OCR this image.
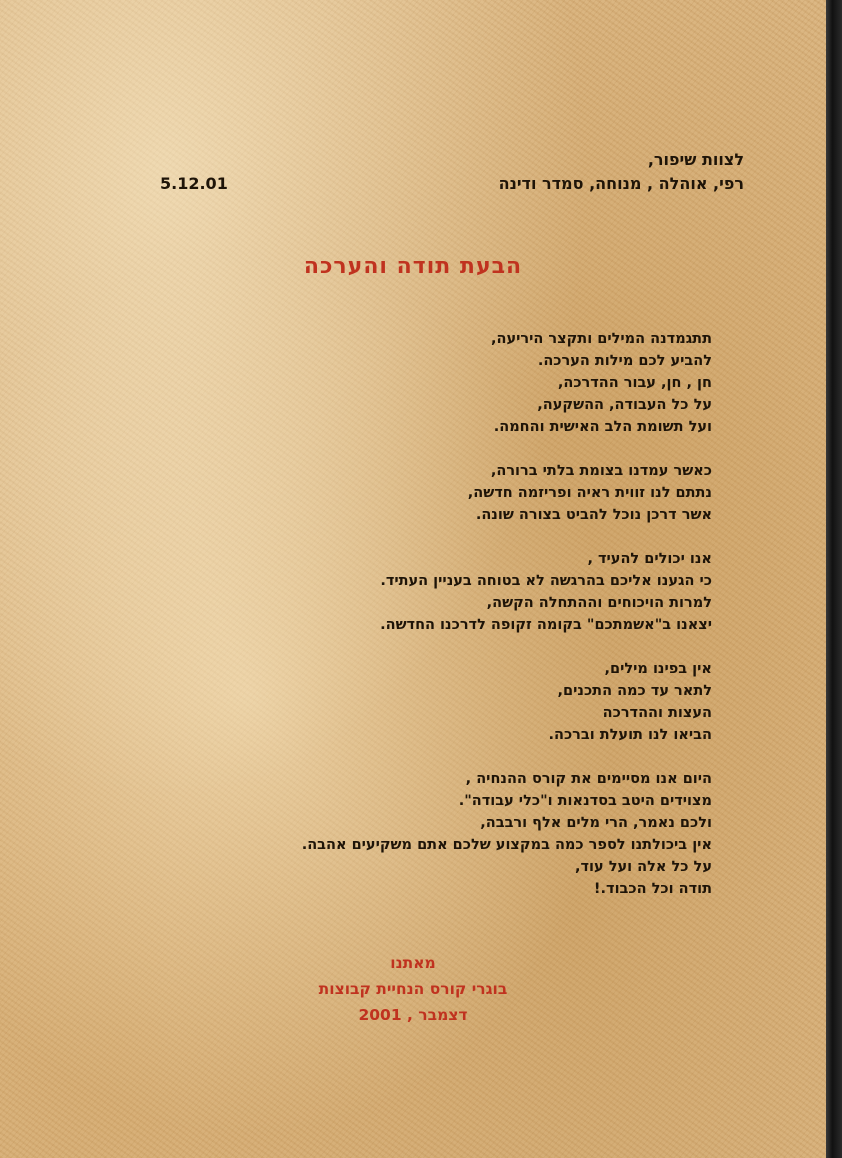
לצוות שיפור,
5.12.01	רפי, אוהלה , מנוחה, סמדר ודינה
הבעת תודה והערכה
תתגמדנה המילים ותקצר היריעה,
להביע לכם מילות הערכה.
חן , חן, עבור ההדרכה,
על כל העבודה, ההשקעה,
ועל תשומת הלב האישית והחמה.
כאשר עמדנו בצומת בלתי ברורה,
נתתם לנו זווית ראיה ופריזמה חדשה,
אשר דרכן נוכל להביט בצורה שונה.
אנו יכולים להעיד ,
כי הגענו אליכם בהרגשה לא בטוחה בעניין העתיד.
למרות הויכוחים וההתחלה הקשה,
יצאנו ב"אשמתכם" בקומה זקופה לדרכנו החדשה.
אין בפינו מילים,
לתאר עד כמה התכנים,
העצות וההדרכה
הביאו לנו תועלת וברכה.
היום אנו מסיימים את קורס ההנחיה ,
מצוידים היטב בסדנאות ו"כלי עבודה".
ולכם נאמר, הרי מלים אלף ורבבה,
אין ביכולתנו לספר כמה במקצוע שלכם אתם משקיעים אהבה.
על כל אלה ועל עוד,
תודה וכל הכבוד.!
מאתנו
בוגרי קורס הנחיית קבוצות
דצמבר , 2001
